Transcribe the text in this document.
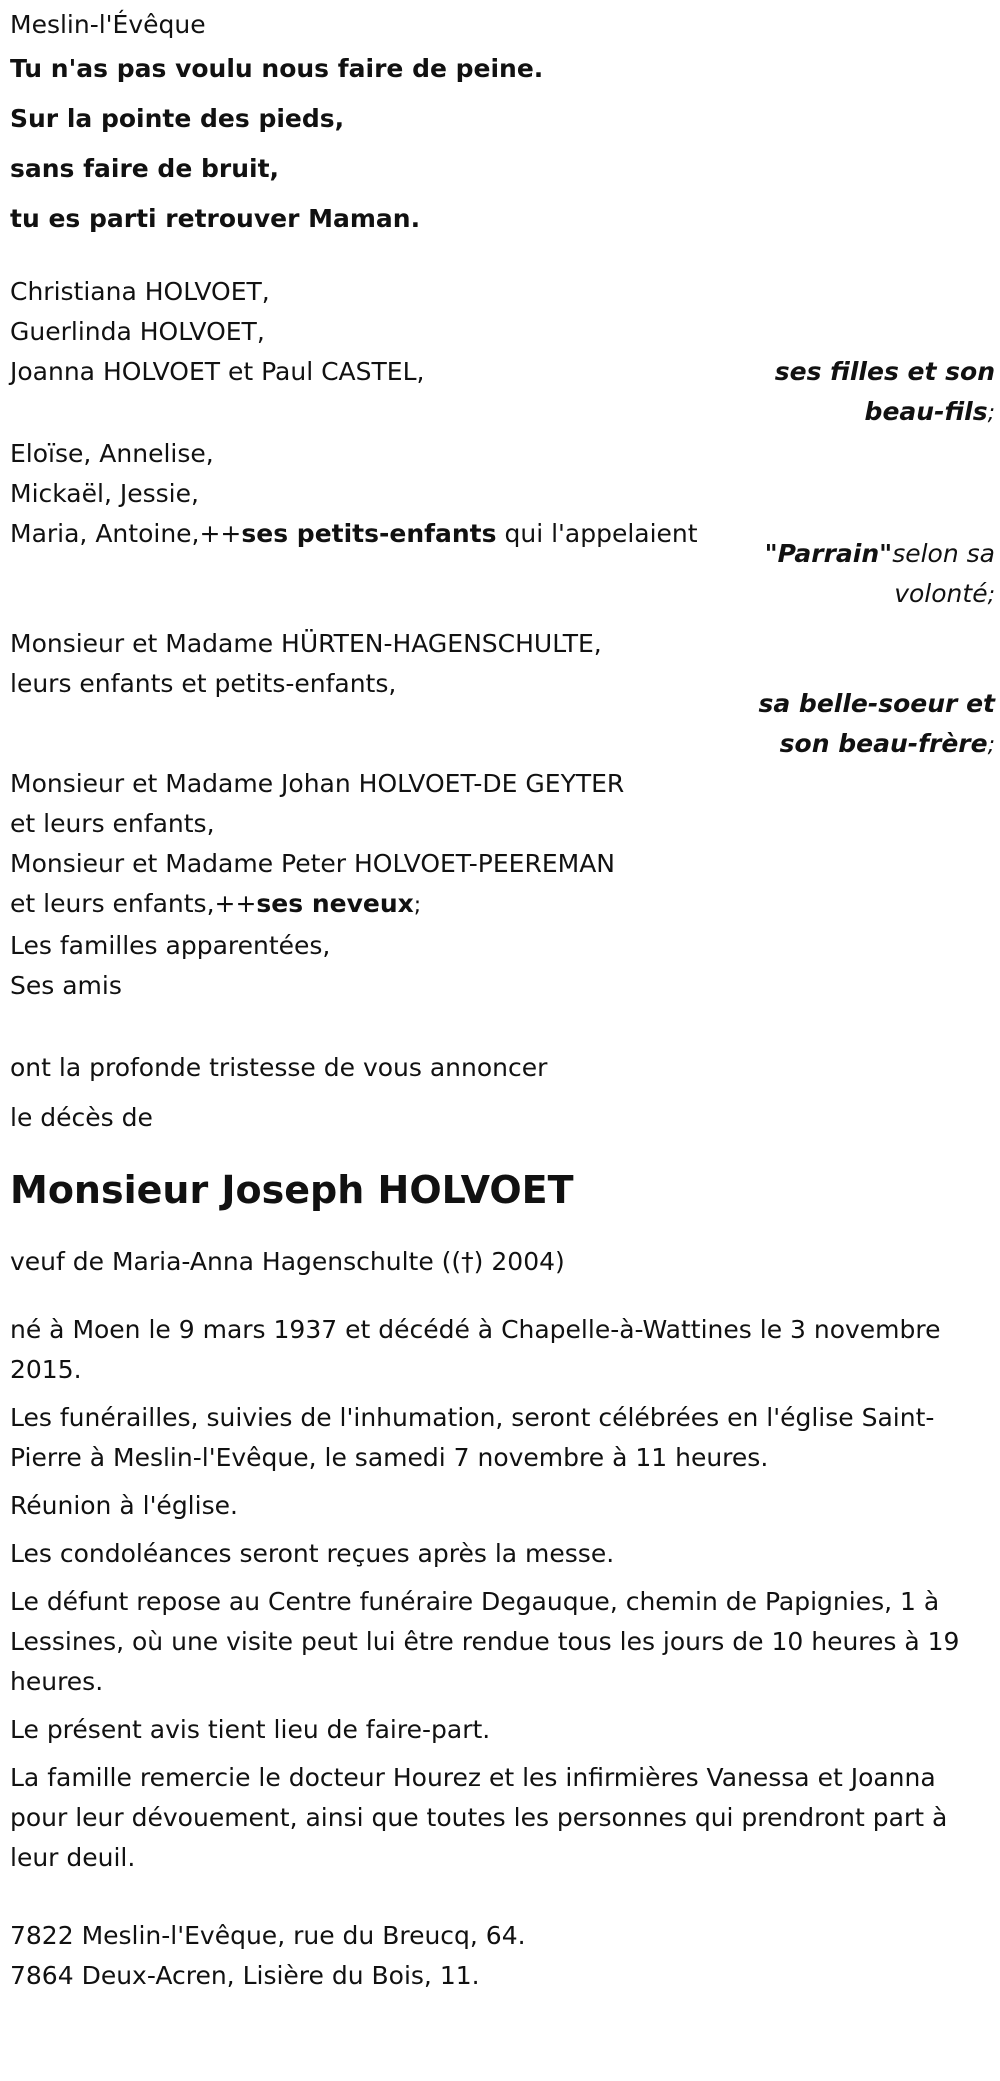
Meslin-l'Évêque

Tu n'as pas voulu nous faire de peine.

Sur la pointe des pieds,

sans faire de bruit,

tu es parti retrouver Maman.

Christiana HOLVOET,

Guerlinda HOLVOET,

Joanna HOLVOET et Paul CASTEL,	ses filles et son
beau-fils;

Eloïse, Annelise,

Mickaël, Jessie,

Maria, Antoine,++ses petits-enfants qui l'appelaient

"Parrain"selon sa
volonté;

Monsieur et Madame HÜRTEN-HAGENSCHULTE,

leurs enfants et petits-enfants,

sa belle-soeur et
son beau-frère;

Monsieur et Madame Johan HOLVOET-DE GEYTER

et leurs enfants,

Monsieur et Madame Peter HOLVOET-PEEREMAN

et leurs enfants,++ses neveux;

Les familles apparentées,

Ses amis

ont la profonde tristesse de vous annoncer

le décès de

Monsieur Joseph HOLVOET

veuf de Maria-Anna Hagenschulte ((†) 2004)

né à Moen le 9 mars 1937 et décédé à Chapelle-à-Wattines le 3 novembre 2015.

Les funérailles, suivies de l'inhumation, seront célébrées en l'église Saint-Pierre à Meslin-l'Evêque, le samedi 7 novembre à 11 heures.

Réunion à l'église.

Les condoléances seront reçues après la messe.

Le défunt repose au Centre funéraire Degauque, chemin de Papignies, 1 à Lessines, où une visite peut lui être rendue tous les jours de 10 heures à 19 heures.

Le présent avis tient lieu de faire-part.

La famille remercie le docteur Hourez et les infirmières Vanessa et Joanna pour leur dévouement, ainsi que toutes les personnes qui prendront part à leur deuil.

7822 Meslin-l'Evêque, rue du Breucq, 64.

7864 Deux-Acren, Lisière du Bois, 11.
